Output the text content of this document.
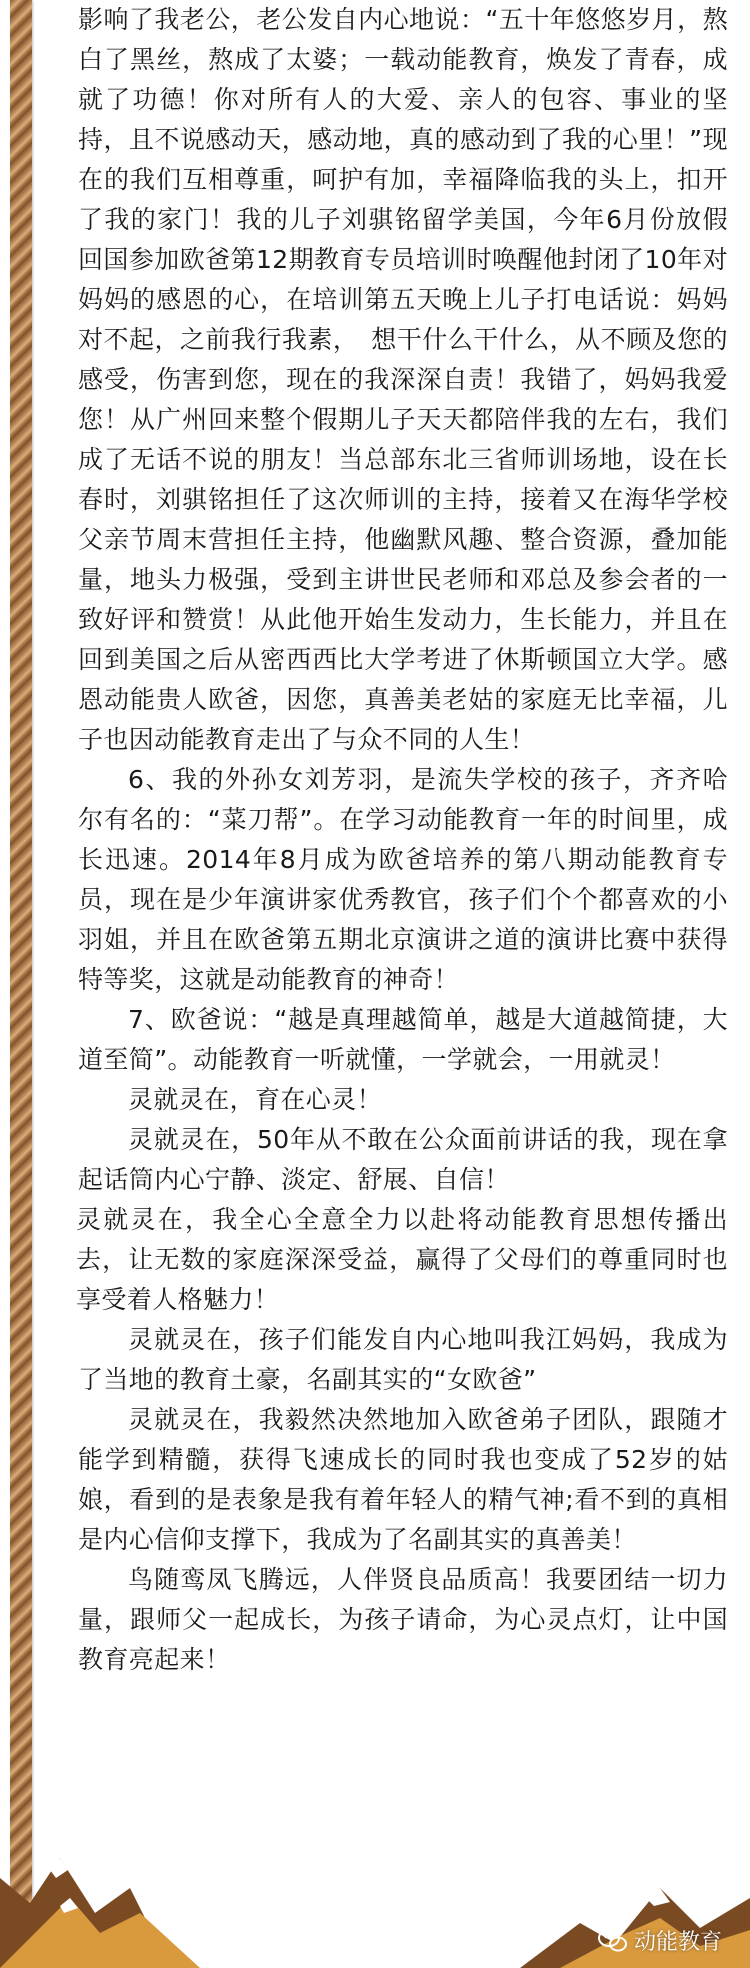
影响了我老公，老公发自内心地说：“五十年悠悠岁月，熬白了黑丝，熬成了太婆；一载动能教育，焕发了青春，成就了功德！你对所有人的大爱、亲人的包容、事业的坚持，且不说感动天，感动地，真的感动到了我的心里！”现在的我们互相尊重，呵护有加，幸福降临我的头上，扣开了我的家门！我的儿子刘骐铭留学美国，今年6月份放假回国参加欧爸第12期教育专员培训时唤醒他封闭了10年对妈妈的感恩的心，在培训第五天晚上儿子打电话说：妈妈对不起，之前我行我素，　想干什么干什么，从不顾及您的感受，伤害到您，现在的我深深自责！我错了，妈妈我爱您！从广州回来整个假期儿子天天都陪伴我的左右，我们成了无话不说的朋友！当总部东北三省师训场地，设在长春时，刘骐铭担任了这次师训的主持，接着又在海华学校父亲节周末营担任主持，他幽默风趣、整合资源，叠加能量，地头力极强，受到主讲世民老师和邓总及参会者的一致好评和赞赏！从此他开始生发动力，生长能力，并且在回到美国之后从密西西比大学考进了休斯顿国立大学。感恩动能贵人欧爸，因您，真善美老姑的家庭无比幸福，儿子也因动能教育走出了与众不同的人生！

6、我的外孙女刘芳羽，是流失学校的孩子，齐齐哈尔有名的：“菜刀帮”。在学习动能教育一年的时间里，成长迅速。2014年8月成为欧爸培养的第八期动能教育专员，现在是少年演讲家优秀教官，孩子们个个都喜欢的小羽姐，并且在欧爸第五期北京演讲之道的演讲比赛中获得特等奖，这就是动能教育的神奇！

7、欧爸说：“越是真理越简单，越是大道越简捷，大道至简”。动能教育一听就懂，一学就会，一用就灵！

灵就灵在，育在心灵！

灵就灵在，50年从不敢在公众面前讲话的我，现在拿起话筒内心宁静、淡定、舒展、自信！

灵就灵在，我全心全意全力以赴将动能教育思想传播出去，让无数的家庭深深受益，赢得了父母们的尊重同时也享受着人格魅力！

灵就灵在，孩子们能发自内心地叫我江妈妈，我成为了当地的教育土豪，名副其实的“女欧爸”

灵就灵在，我毅然决然地加入欧爸弟子团队，跟随才能学到精髓，获得飞速成长的同时我也变成了52岁的姑娘，看到的是表象是我有着年轻人的精气神;看不到的真相是内心信仰支撑下，我成为了名副其实的真善美！

鸟随鸾凤飞腾远，人伴贤良品质高！我要团结一切力量，跟师父一起成长，为孩子请命，为心灵点灯，让中国教育亮起来！

动能教育
